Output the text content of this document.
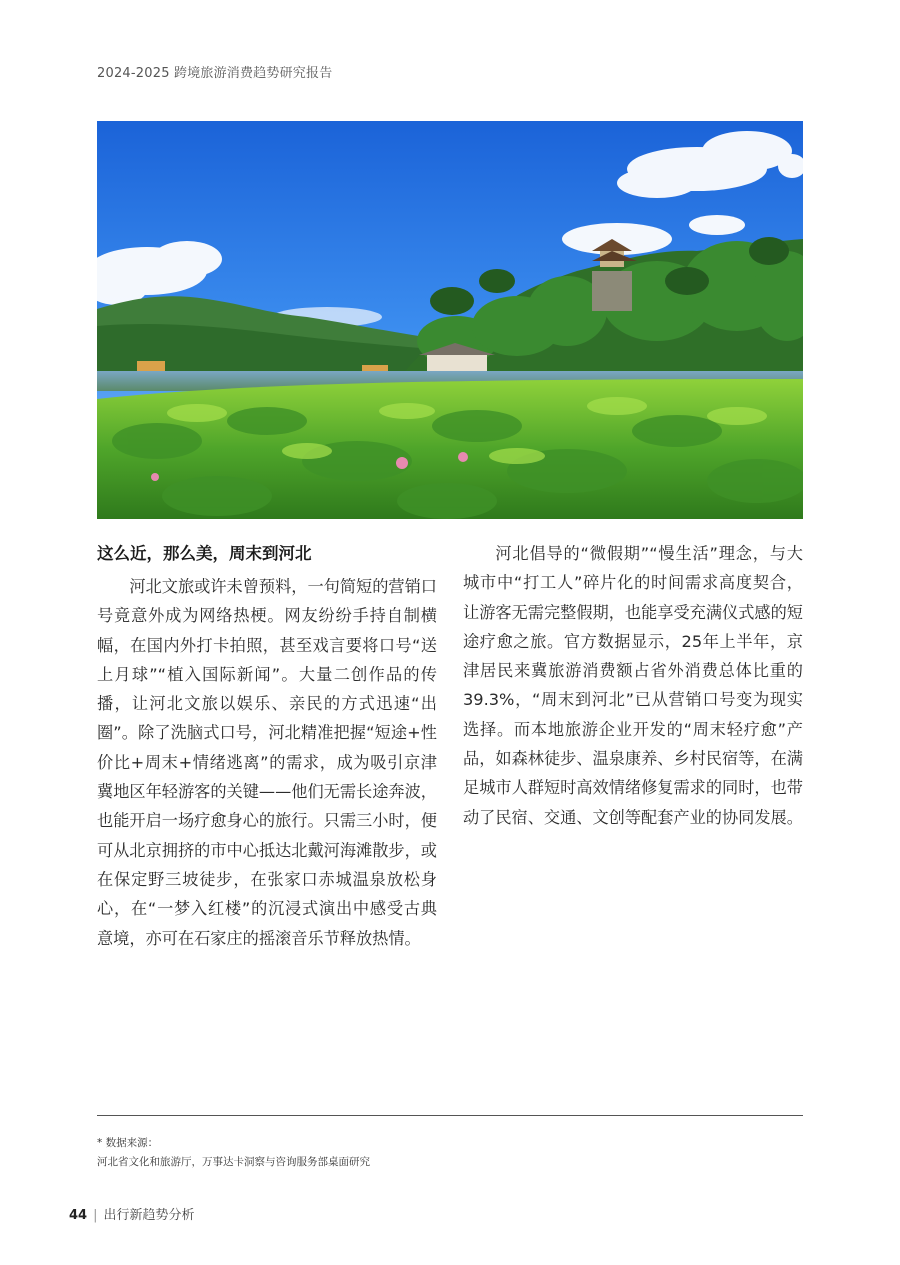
2024-2025 跨境旅游消费趋势研究报告
这么近，那么美，周末到河北

河北文旅或许未曾预料，一句简短的营销口号竟意外成为网络热梗。网友纷纷手持自制横幅，在国内外打卡拍照，甚至戏言要将口号“送上月球”“植入国际新闻”。大量二创作品的传播，让河北文旅以娱乐、亲民的方式迅速“出圈”。除了洗脑式口号，河北精准把握“短途+性价比+周末+情绪逃离”的需求，成为吸引京津冀地区年轻游客的关键——他们无需长途奔波，也能开启一场疗愈身心的旅行。只需三小时，便可从北京拥挤的市中心抵达北戴河海滩散步，或在保定野三坡徒步，在张家口赤城温泉放松身心，在“一梦入红楼”的沉浸式演出中感受古典意境，亦可在石家庄的摇滚音乐节释放热情。

河北倡导的“微假期”“慢生活”理念，与大城市中“打工人”碎片化的时间需求高度契合，让游客无需完整假期，也能享受充满仪式感的短途疗愈之旅。官方数据显示，25年上半年，京津居民来冀旅游消费额占省外消费总体比重的 39.3%，“周末到河北”已从营销口号变为现实选择。而本地旅游企业开发的“周末轻疗愈”产品，如森林徒步、温泉康养、乡村民宿等，在满足城市人群短时高效情绪修复需求的同时，也带动了民宿、交通、文创等配套产业的协同发展。

* 数据来源：
河北省文化和旅游厅，万事达卡洞察与咨询服务部桌面研究
44 | 出行新趋势分析
